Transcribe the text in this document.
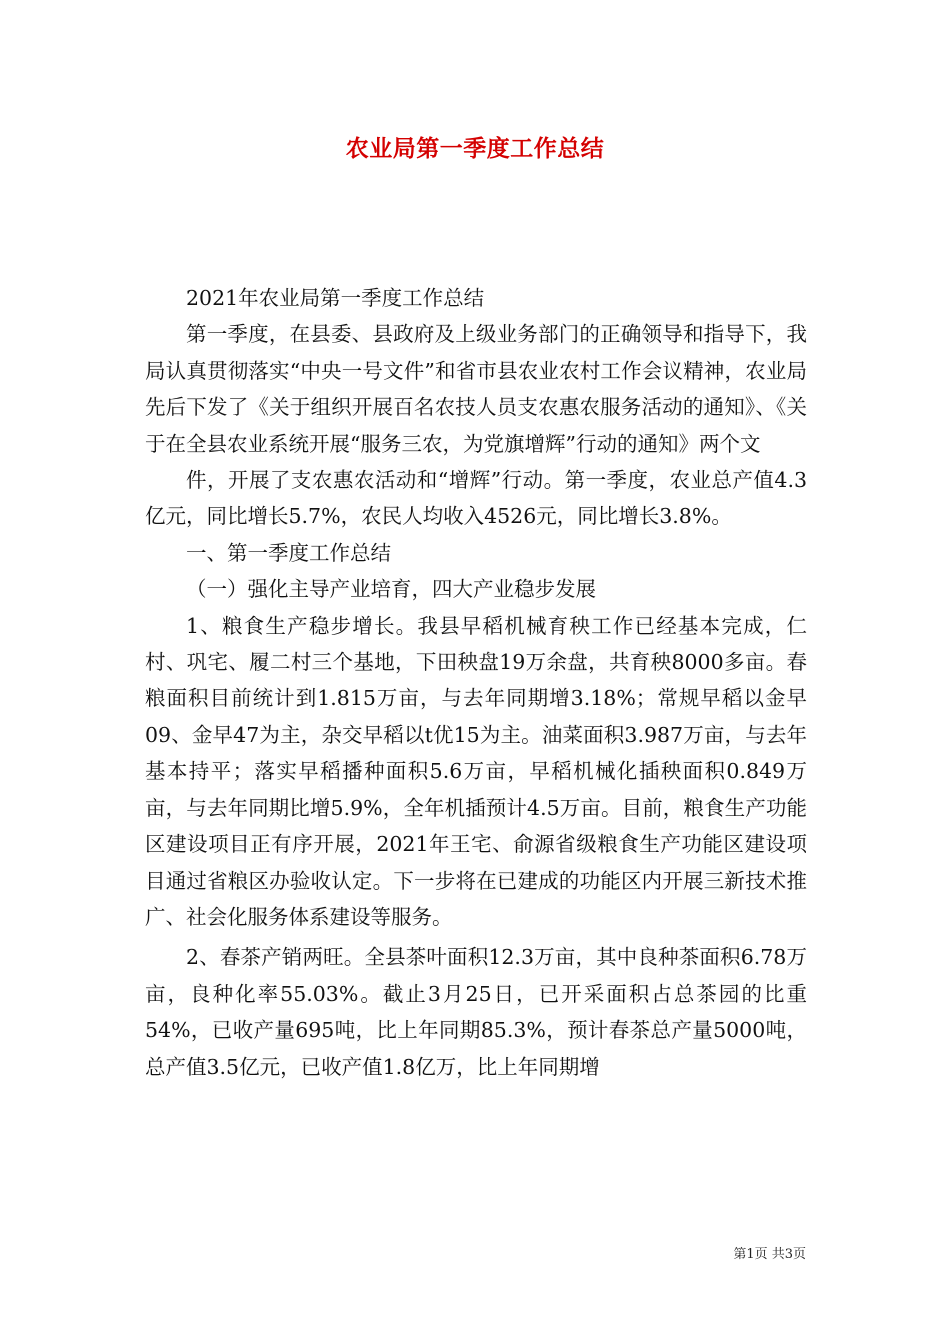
农业局第一季度工作总结

2021年农业局第一季度工作总结

第一季度，在县委、县政府及上级业务部门的正确领导和指导下，我局认真贯彻落实“中央一号文件”和省市县农业农村工作会议精神，农业局先后下发了《关于组织开展百名农技人员支农惠农服务活动的通知》、《关于在全县农业系统开展“服务三农，为党旗增辉”行动的通知》两个文

件，开展了支农惠农活动和“增辉”行动。第一季度，农业总产值4.3亿元，同比增长5.7%，农民人均收入4526元，同比增长3.8%。

一、第一季度工作总结

（一）强化主导产业培育，四大产业稳步发展

1、粮食生产稳步增长。我县早稻机械育秧工作已经基本完成，仁村、巩宅、履二村三个基地，下田秧盘19万余盘，共育秧8000多亩。春粮面积目前统计到1.815万亩，与去年同期增3.18%；常规早稻以金早09、金早47为主，杂交早稻以t优15为主。油菜面积3.987万亩，与去年基本持平；落实早稻播种面积5.6万亩，早稻机械化插秧面积0.849万亩，与去年同期比增5.9%，全年机插预计4.5万亩。目前，粮食生产功能区建设项目正有序开展，2021年王宅、俞源省级粮食生产功能区建设项目通过省粮区办验收认定。下一步将在已建成的功能区内开展三新技术推广、社会化服务体系建设等服务。

2、春茶产销两旺。全县茶叶面积12.3万亩，其中良种茶面积6.78万亩，良种化率55.03%。截止3月25日，已开采面积占总茶园的比重54%，已收产量695吨，比上年同期85.3%，预计春茶总产量5000吨，总产值3.5亿元，已收产值1.8亿万，比上年同期增

第1页 共3页
